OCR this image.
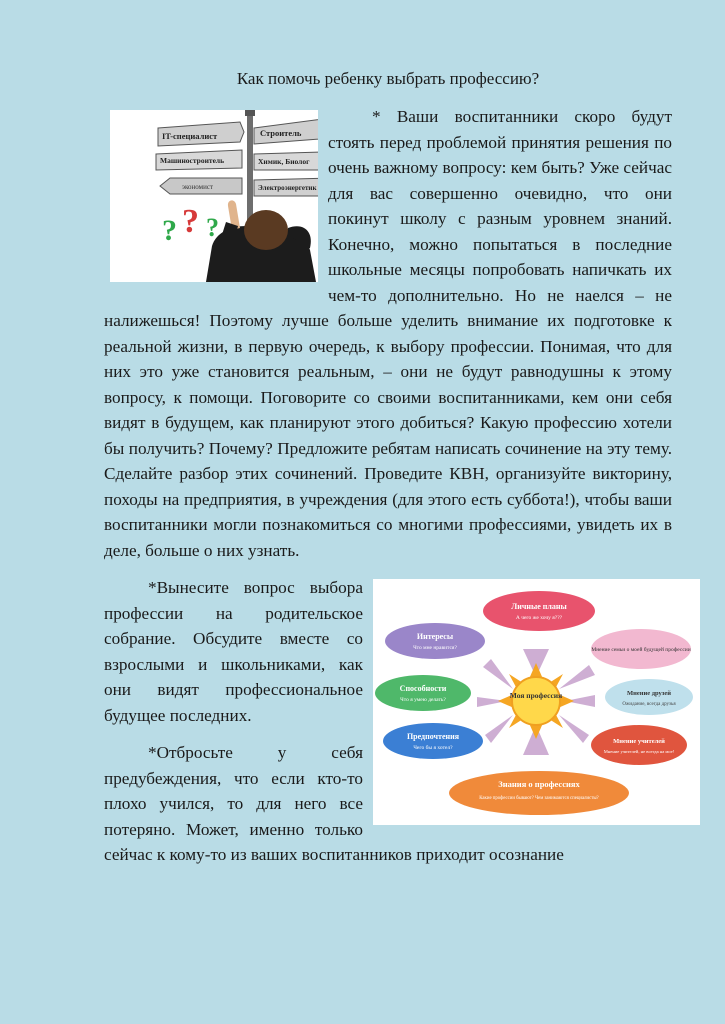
Как помочь ребенку выбрать профессию?

IT-специалист	Строитель
Машиностроитель	Химик, Биолог
экономист	Электроэнергетик
? ? ?
* Ваши воспитанники скоро будут стоять перед проблемой принятия решения по очень важному вопросу: кем быть? Уже сейчас для вас совершенно очевидно, что они покинут школу с разным уровнем знаний. Конечно, можно попытаться в последние школьные месяцы попробовать напичкать их чем-то дополнительно. Но не наелся – не налижешься! Поэтому лучше больше уделить внимание их подготовке к реальной жизни, в первую очередь, к выбору профессии. Понимая, что для них это уже становится реальным, – они не будут равнодушны к этому вопросу, к помощи. Поговорите со своими воспитанниками, кем они себя видят в будущем, как планируют этого добиться? Какую профессию хотели бы получить? Почему? Предложите ребятам написать сочинение на эту тему. Сделайте разбор этих сочинений. Проведите КВН, организуйте викторину, походы на предприятия, в учреждения (для этого есть суббота!), чтобы ваши воспитанники могли познакомиться со многими профессиями, увидеть их в деле, больше о них узнать.

Моя профессия
Личные планы
А чего же хочу я???
Интересы
Что мне нравится?	Мнение семьи о моей будущей профессии
Способности
Что я умею делать?
Мнение друзей
Ожидание, всегда друзья
Предпочтения
Чего бы я хотел?
Мнение учителей
Мнение учителей, не всегда на мое!
Знания о профессиях
Какие профессии бывают? Чем занимаются специалисты?

*Вынесите вопрос выбора профессии на родительское собрание. Обсудите вместе со взрослыми и школьниками, как они видят профессиональное будущее последних.

*Отбросьте у себя предубеждения, что если кто-то плохо учился, то для него все потеряно. Может, именно только сейчас к кому-то из ваших воспитанников приходит осознание
